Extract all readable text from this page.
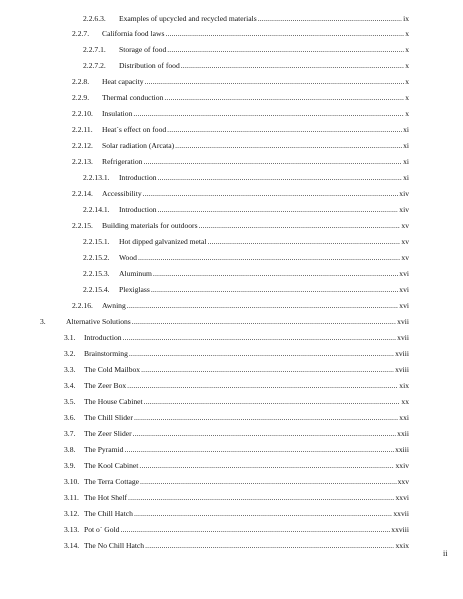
2.2.6.3.	Examples of upcycled and recycled materials .....	ix
2.2.7.	California food laws .....	x
2.2.7.1.	Storage of food .....	x
2.2.7.2.	Distribution of food .....	x
2.2.8.	Heat capacity .....	x
2.2.9.	Thermal conduction .....	x
2.2.10.	Insulation .....	x
2.2.11.	Heat`s effect on food .....	xi
2.2.12.	Solar radiation (Arcata) .....	xi
2.2.13.	Refrigeration .....	xi
2.2.13.1.	Introduction .....	xi
2.2.14.	Accessibility .....	xiv
2.2.14.1.	Introduction .....	xiv
2.2.15.	Building materials for outdoors .....	xv
2.2.15.1.	Hot dipped galvanized metal .....	xv
2.2.15.2.	Wood .....	xv
2.2.15.3.	Aluminum .....	xvi
2.2.15.4.	Plexiglass .....	xvi
2.2.16.	Awning .....	xvi
3.	Alternative Solutions .....	xvii
3.1.	Introduction .....	xvii
3.2.	Brainstorming .....	xviii
3.3.	The Cold Mailbox .....	xviii
3.4.	The Zeer Box .....	xix
3.5.	The House Cabinet .....	xx
3.6.	The Chill Slider .....	xxi
3.7.	The Zeer Slider .....	xxii
3.8.	The Pyramid .....	xxiii
3.9.	The Kool Cabinet .....	xxiv
3.10. The Terra Cottage .....	xxv
3.11. The Hot Shelf .....	xxvi
3.12. The Chill Hatch .....	xxvii
3.13. Pot o` Gold .....	xxviii
3.14. The No Chill Hatch .....	xxix
ii
